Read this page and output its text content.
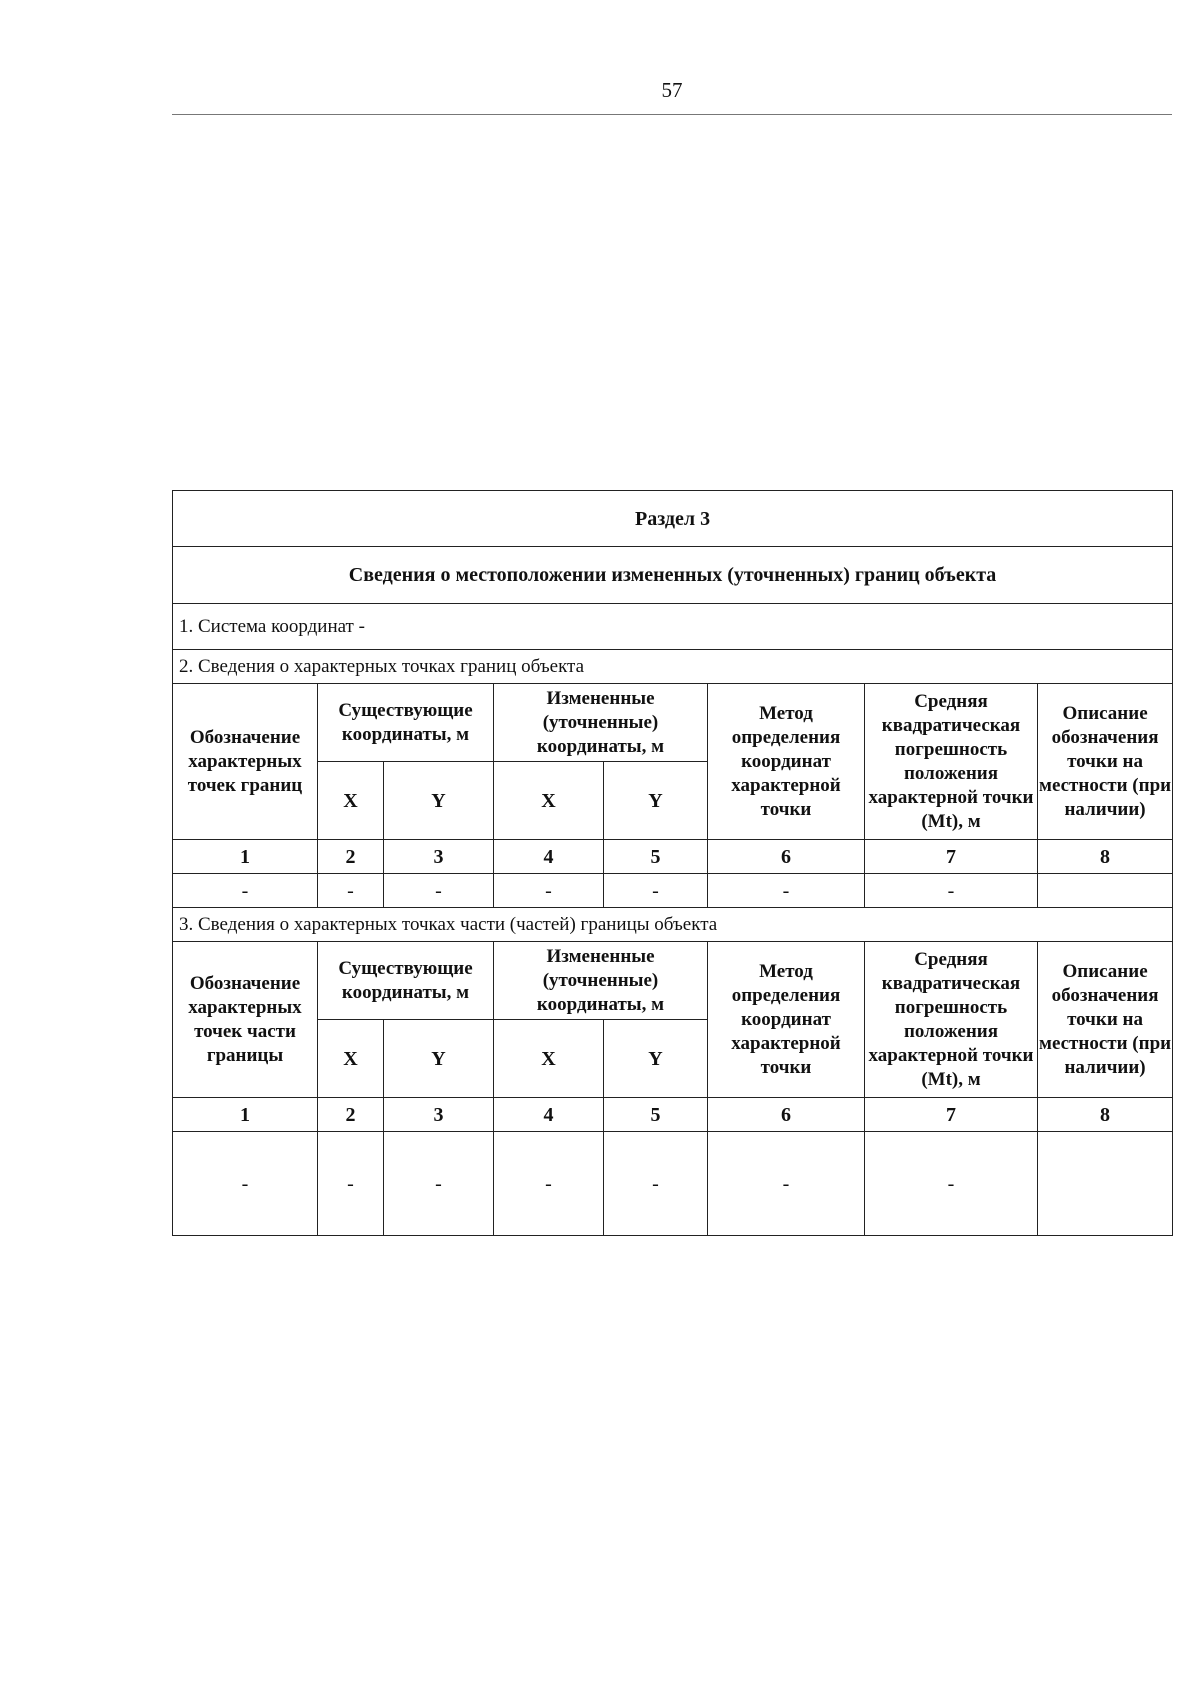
57
Раздел 3							
Сведения о местоположении измененных (уточненных) границ объекта							
1. Система координат -							
2. Сведения о характерных точках границ объекта							
Обозначение характерных точек границ	Существующие координаты, м		Измененные (уточненные) координаты, м		Метод определения координат характерной точки	Средняя квадратическая погрешность положения характерной точки (Mt), м	Описание обозначения точки на местности (при наличии)
	X	Y	X	Y			
1	2	3	4	5	6	7	8
-	-	-	-	-	-	-	
3. Сведения о характерных точках части (частей) границы объекта							
Обозначение характерных точек части границы	Существующие координаты, м		Измененные (уточненные) координаты, м		Метод определения координат характерной точки	Средняя квадратическая погрешность положения характерной точки (Mt), м	Описание обозначения точки на местности (при наличии)
	X	Y	X	Y			
1	2	3	4	5	6	7	8
-	-	-	-	-	-	-	
